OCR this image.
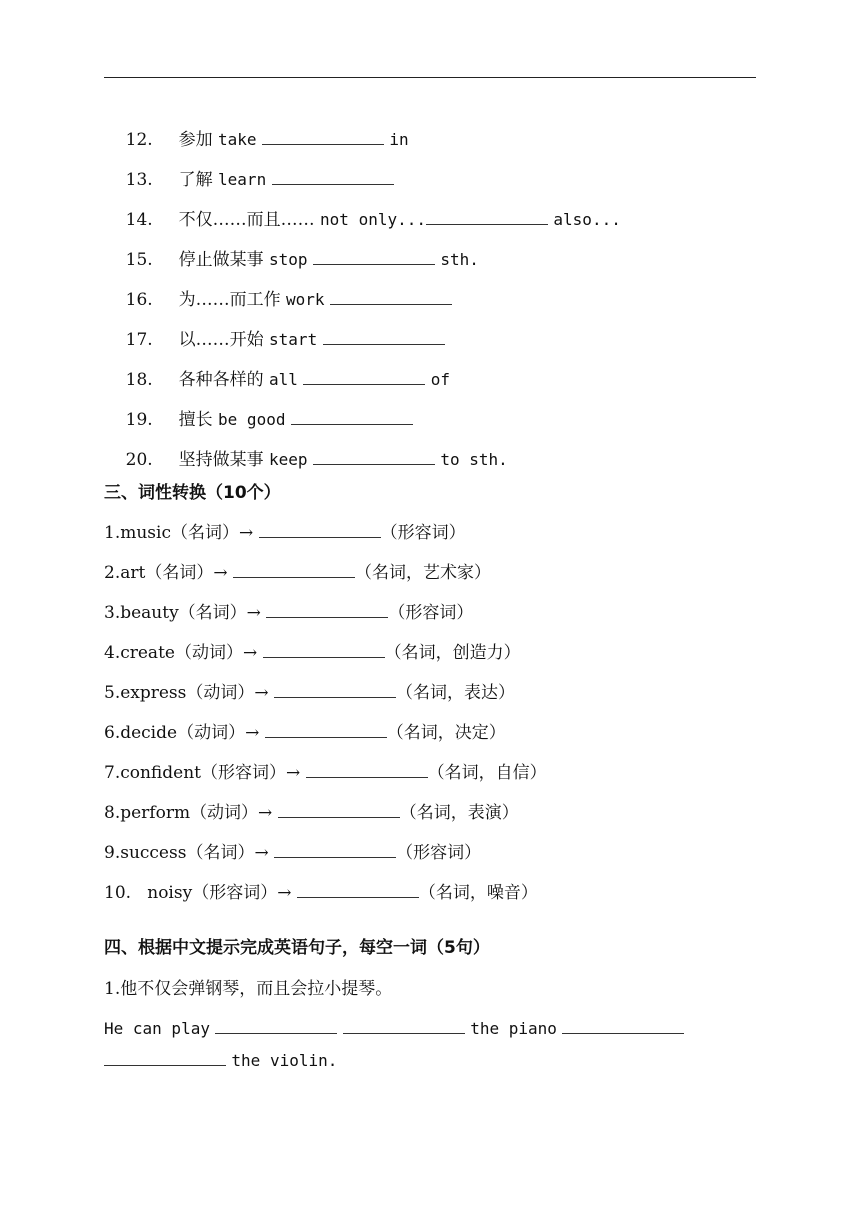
12. 参加 take	in

13. 了解 learn

14. 不仅……而且…… not only...	also...

15. 停止做某事 stop	sth.

16. 为……而工作 work

17. 以……开始 start

18. 各种各样的 all	of

19. 擅长 be good

20. 坚持做某事 keep	to sth.

三、词性转换（10个）
1.music（名词）→	（形容词）
2.art（名词）→	（名词，艺术家）
3.beauty（名词）→	（形容词）
4.create（动词）→	（名词，创造力）
5.express（动词）→	（名词，表达）
6.decide（动词）→	（名词，决定）
7.confident（形容词）→	（名词，自信）
8.perform（动词）→	（名词，表演）
9.success（名词）→	（形容词）
10.   noisy（形容词）→	（名词，噪音）
四、根据中文提示完成英语句子，每空一词（5句）
1.他不仅会弹钢琴，而且会拉小提琴。
He can play	the piano
the violin.
